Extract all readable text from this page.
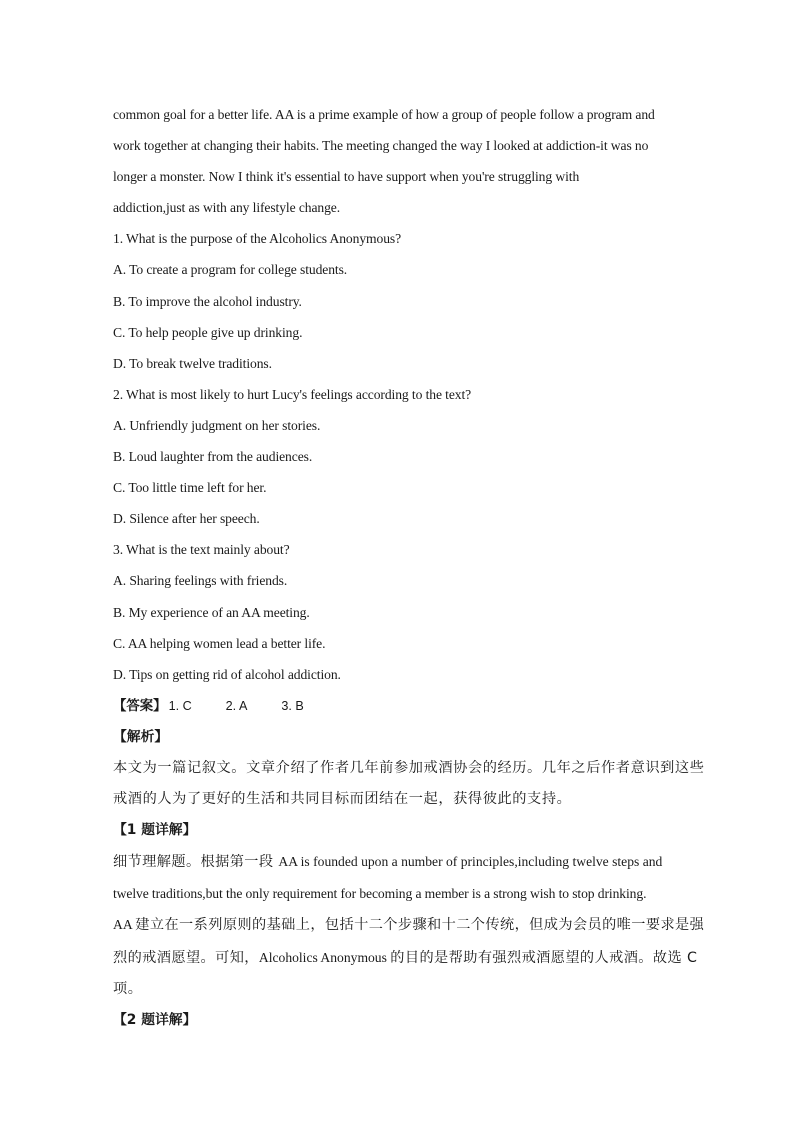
common goal for a better life. AA is a prime example of how a group of people follow a program and
work together at changing their habits. The meeting changed the way I looked at addiction-it was no
longer a monster. Now I think it's essential to have support when you're struggling with
addiction,just as with any lifestyle change.
1. What is the purpose of the Alcoholics Anonymous?
A. To create a program for college students.
B. To improve the alcohol industry.
C. To help people give up drinking.
D. To break twelve traditions.
2. What is most likely to hurt Lucy's feelings according to the text?
A. Unfriendly judgment on her stories.
B. Loud laughter from the audiences.
C. Too little time left for her.
D. Silence after her speech.
3. What is the text mainly about?
A. Sharing feelings with friends.
B. My experience of an AA meeting.
C. AA helping women lead a better life.
D. Tips on getting rid of alcohol addiction.
【答案】 1. C	2. A	3. B
【解析】
本文为一篇记叙文。文章介绍了作者几年前参加戒酒协会的经历。几年之后作者意识到这些
戒酒的人为了更好的生活和共同目标而团结在一起，获得彼此的支持。
【1 题详解】
细节理解题。根据第一段 AA is founded upon a number of principles,including twelve steps and
twelve traditions,but the only requirement for becoming a member is a strong wish to stop drinking.
AA 建立在一系列原则的基础上，包括十二个步骤和十二个传统，但成为会员的唯一要求是强
烈的戒酒愿望。可知，Alcoholics Anonymous 的目的是帮助有强烈戒酒愿望的人戒酒。故选 C
项。
【2 题详解】
